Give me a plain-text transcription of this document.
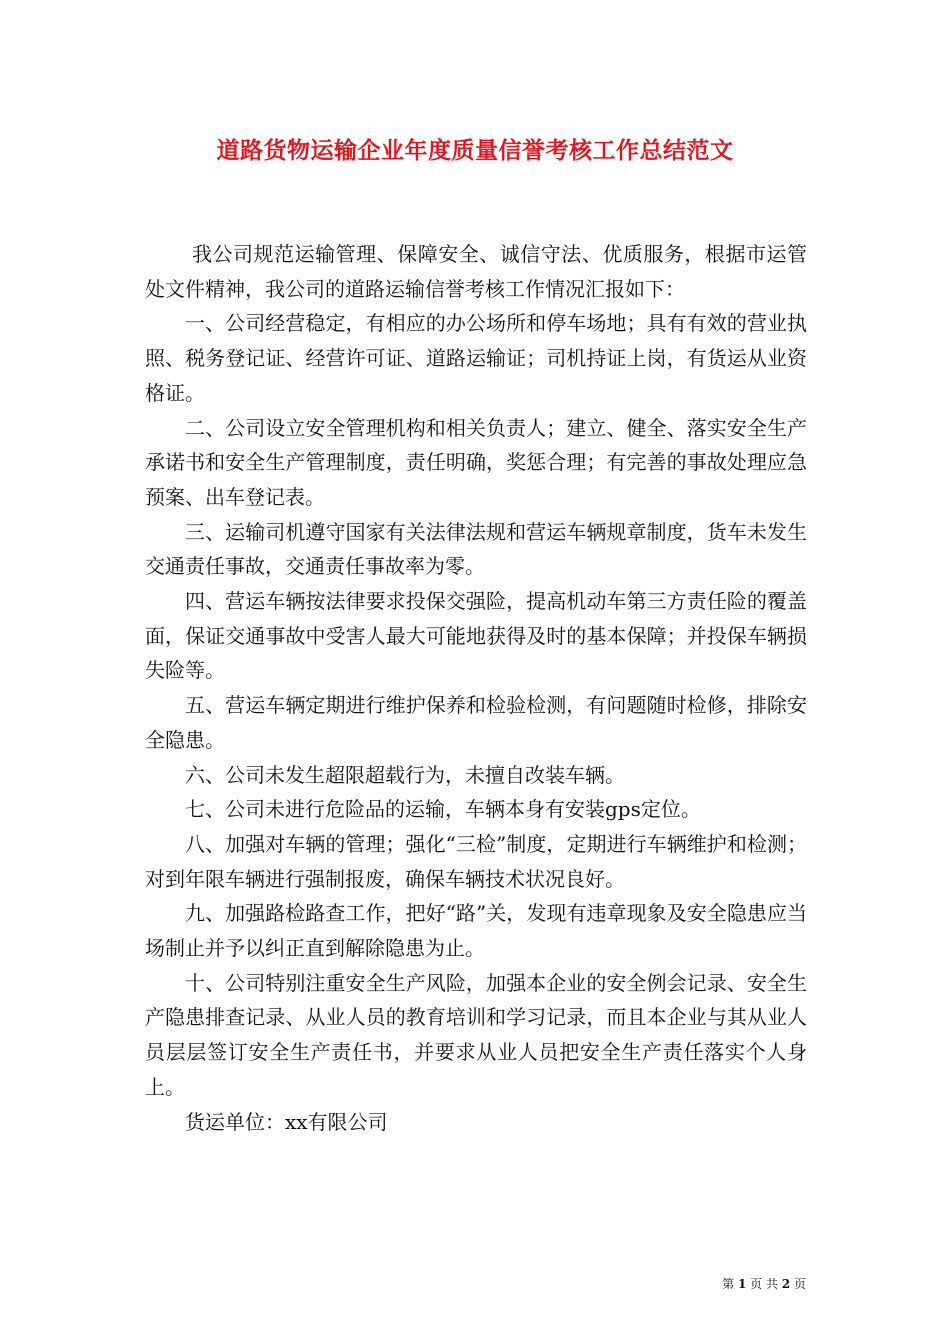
道路货物运输企业年度质量信誉考核工作总结范文

我公司规范运输管理、保障安全、诚信守法、优质服务，根据市运管处文件精神，我公司的道路运输信誉考核工作情况汇报如下：

一、公司经营稳定，有相应的办公场所和停车场地；具有有效的营业执照、税务登记证、经营许可证、道路运输证；司机持证上岗，有货运从业资格证。

二、公司设立安全管理机构和相关负责人；建立、健全、落实安全生产承诺书和安全生产管理制度，责任明确，奖惩合理；有完善的事故处理应急预案、出车登记表。

三、运输司机遵守国家有关法律法规和营运车辆规章制度，货车未发生交通责任事故，交通责任事故率为零。

四、营运车辆按法律要求投保交强险，提高机动车第三方责任险的覆盖面，保证交通事故中受害人最大可能地获得及时的基本保障；并投保车辆损失险等。

五、营运车辆定期进行维护保养和检验检测，有问题随时检修，排除安全隐患。

六、公司未发生超限超载行为，未擅自改装车辆。

七、公司未进行危险品的运输，车辆本身有安装gps定位。

八、加强对车辆的管理；强化“三检”制度，定期进行车辆维护和检测；对到年限车辆进行强制报废，确保车辆技术状况良好。

九、加强路检路查工作，把好“路”关，发现有违章现象及安全隐患应当场制止并予以纠正直到解除隐患为止。

十、公司特别注重安全生产风险，加强本企业的安全例会记录、安全生产隐患排查记录、从业人员的教育培训和学习记录，而且本企业与其从业人员层层签订安全生产责任书，并要求从业人员把安全生产责任落实个人身上。

货运单位：xx有限公司

第 1 页 共 2 页
